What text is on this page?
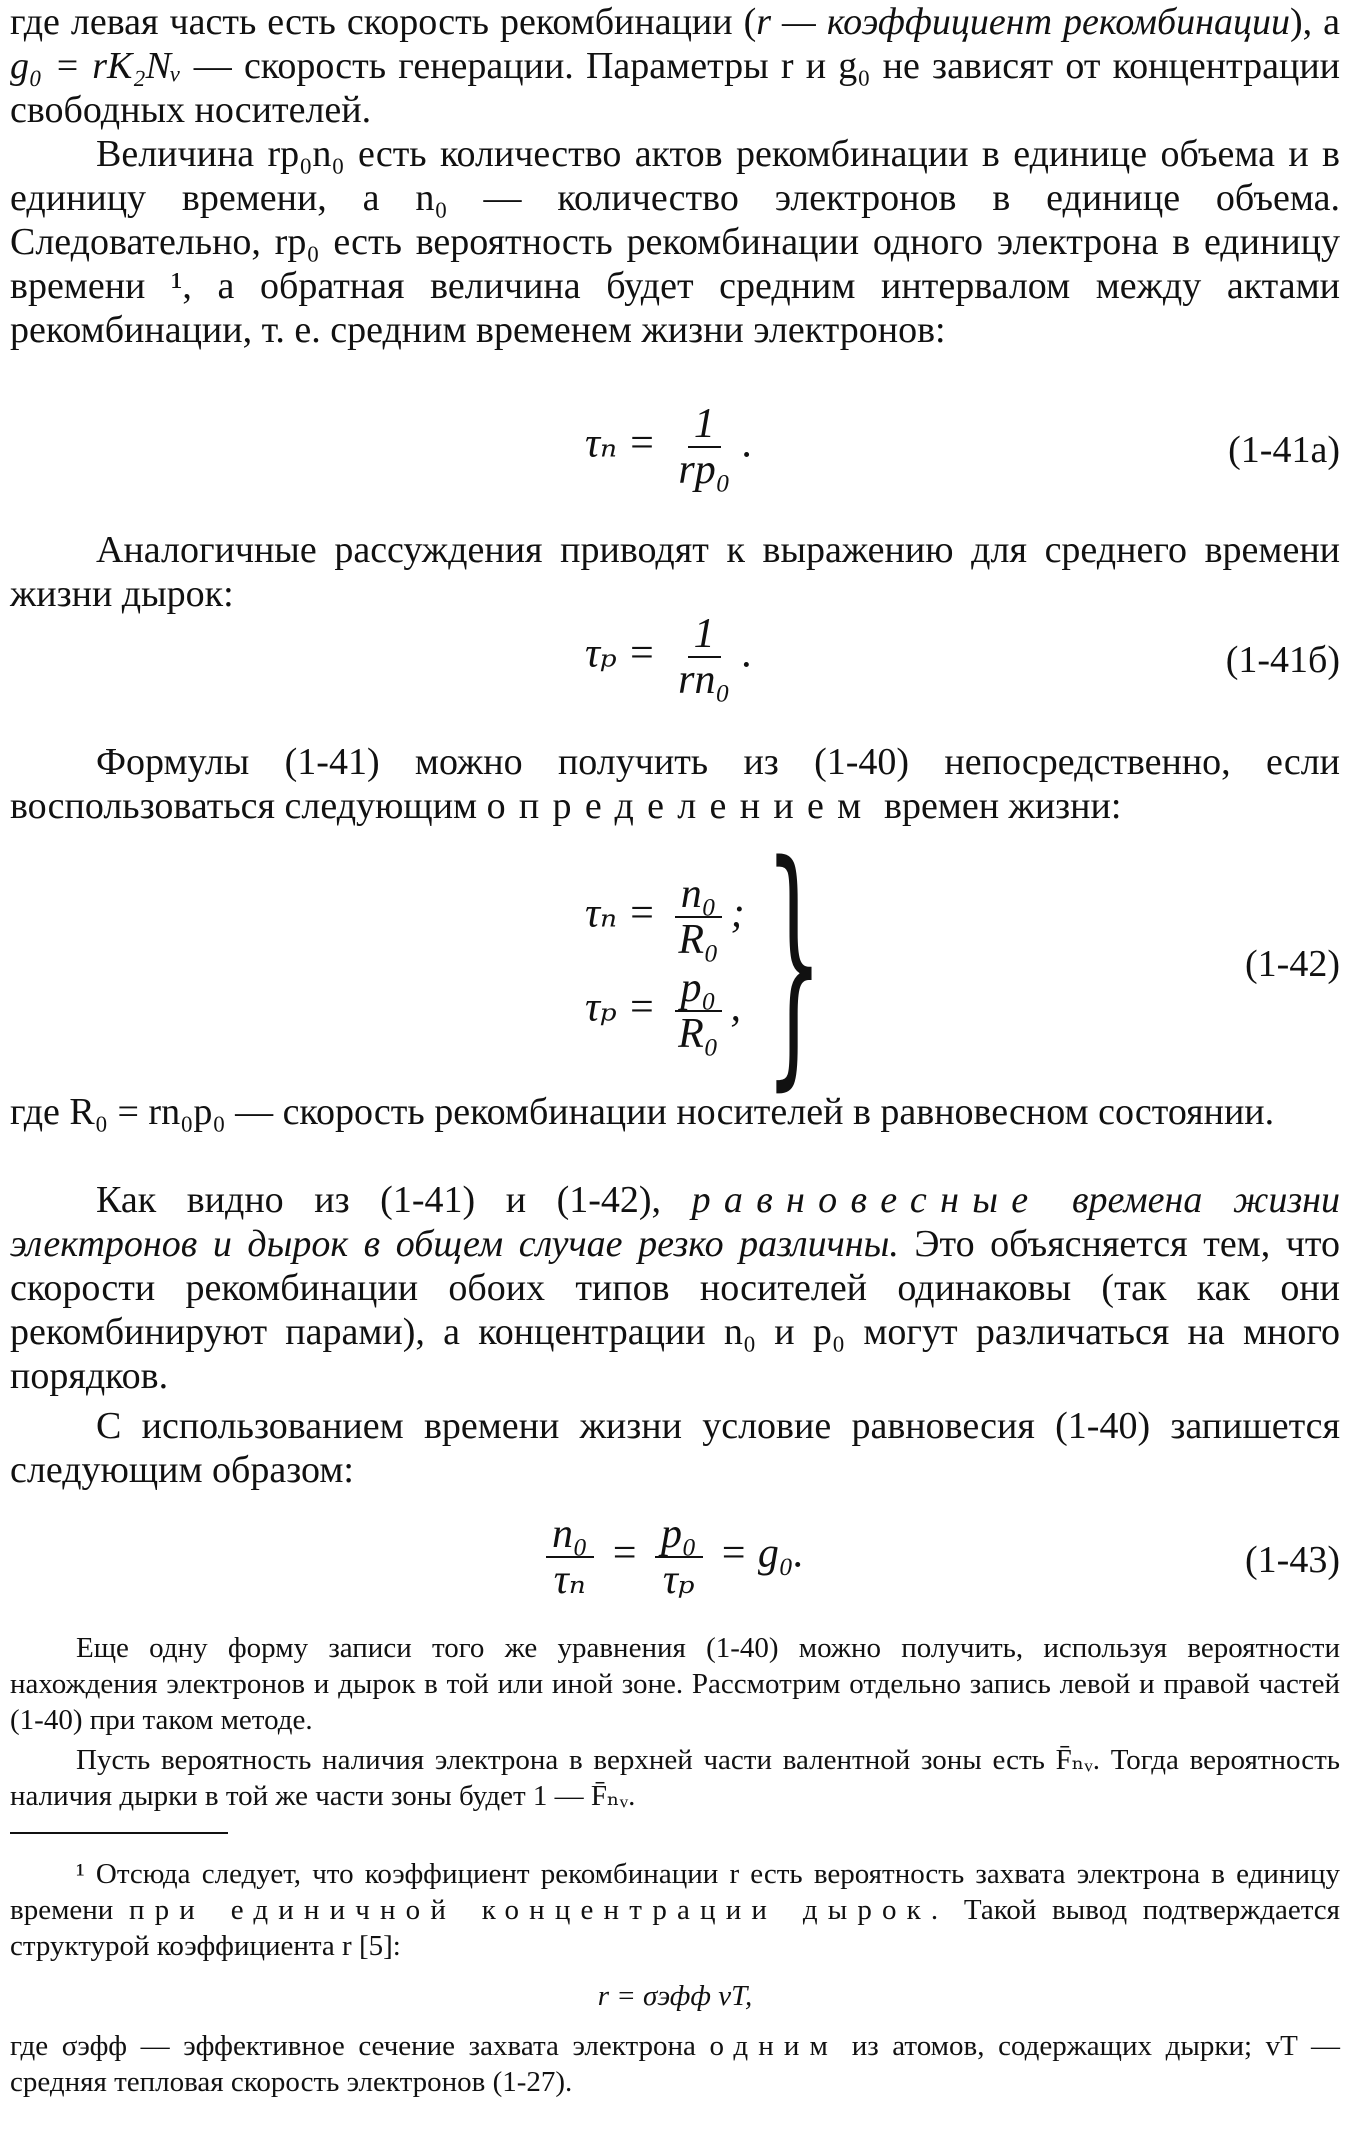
где левая часть есть скорость рекомбинации (r — коэффициент рекомбинации), а g₀ = rK₂Nᵥ — скорость генерации. Параметры r и g₀ не зависят от концентрации свободных носителей.

Величина rp₀n₀ есть количество актов рекомбинации в единице объема и в единицу времени, а n₀ — количество электронов в единице объема. Следовательно, rp₀ есть вероятность рекомбинации одного электрона в единицу времени ¹, а обратная величина будет средним интервалом между актами рекомбинации, т. е. средним временем жизни электронов:

$\tau_n = \frac{1}{\text{rp₀}}$ .	(1-41а)

Аналогичные рассуждения приводят к выражению для среднего времени жизни дырок:

$\tau_p = \frac{1}{\text{rn₀}}$ .	(1-41б)

Формулы (1-41) можно получить из (1-40) непосредственно, если воспользоваться следующим определением времен жизни:

$\tau_n = \frac{\text{n₀}}{\text{R₀}}$ ;
$\tau_p = \frac{\text{p₀}}{\text{R₀}}$ , }	(1-42)

где R₀ = rn₀p₀ — скорость рекомбинации носителей в равновесном состоянии.

Как видно из (1-41) и (1-42), равновесные времена жизни электронов и дырок в общем случае резко различны. Это объясняется тем, что скорости рекомбинации обоих типов носителей одинаковы (так как они рекомбинируют парами), а концентрации n₀ и p₀ могут различаться на много порядков.

С использованием времени жизни условие равновесия (1-40) запишется следующим образом:

$\frac{\text{n₀}}{\text{τₙ}} = \frac{\text{p₀}}{\text{τₚ}} = g_0$.	(1-43)

Еще одну форму записи того же уравнения (1-40) можно получить, используя вероятности нахождения электронов и дырок в той или иной зоне. Рассмотрим отдельно запись левой и правой частей (1-40) при таком методе.

Пусть вероятность наличия электрона в верхней части валентной зоны есть F̄ₙᵥ. Тогда вероятность наличия дырки в той же части зоны будет 1 — F̄ₙᵥ.

¹ Отсюда следует, что коэффициент рекомбинации r есть вероятность захвата электрона в единицу времени при единичной концентрации дырок. Такой вывод подтверждается структурой коэффициента r [5]:

r = σэфф vT,

где σэфф — эффективное сечение захвата электрона одним из атомов, содержащих дырки; vT — средняя тепловая скорость электронов (1-27).
